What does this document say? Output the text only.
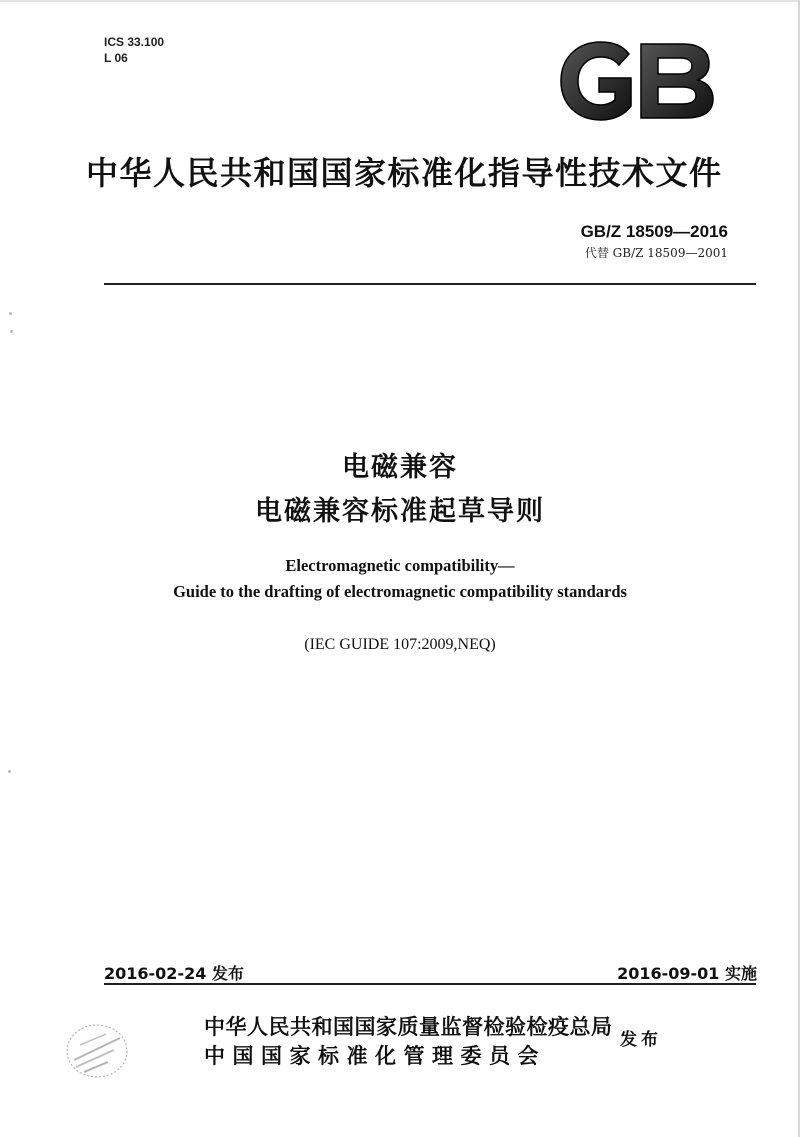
ICS 33.100
L 06
GB
中华人民共和国国家标准化指导性技术文件
GB/Z 18509—2016
代替 GB/Z 18509—2001
电磁兼容
电磁兼容标准起草导则
Electromagnetic compatibility—
Guide to the drafting of electromagnetic compatibility standards
(IEC GUIDE 107:2009,NEQ)
2016-02-24 发布	2016-09-01 实施
中华人民共和国国家质量监督检验检疫总局
中国国家标准化管理委员会
发布
